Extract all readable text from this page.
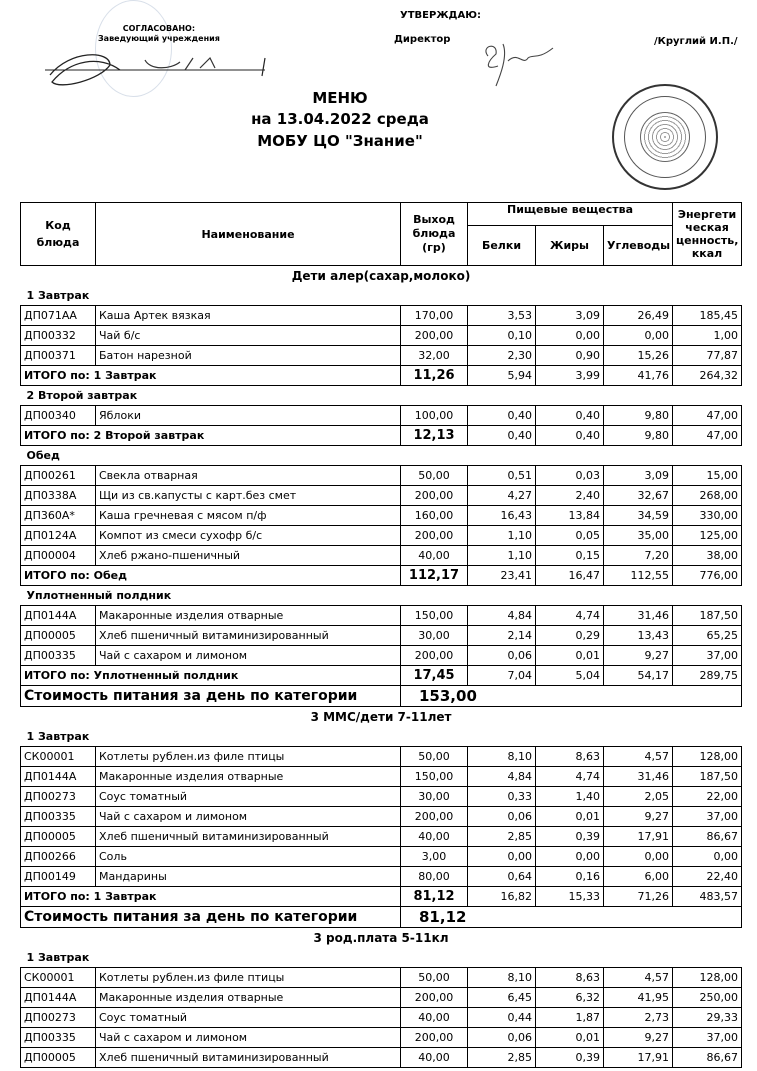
СОГЛАСОВАНО:
Заведующий учреждения
УТВЕРЖДАЮ:
Директор	/Круглий И.П./
МЕНЮ
на 13.04.2022 среда
МОБУ ЦО "Знание"
Код блюда	Наименование	Выход блюда (гр)	Пищевые вещества			Энергети ческая ценность, ккал
			Белки	Жиры	Углеводы	
Дети алер(сахар,молоко)						
1 Завтрак						
ДП071АА	Каша Артек вязкая	170,00	3,53	3,09	26,49	185,45
ДП00332	Чай б/с	200,00	0,10	0,00	0,00	1,00
ДП00371	Батон нарезной	32,00	2,30	0,90	15,26	77,87
ИТОГО по: 1 Завтрак		11,26	5,94	3,99	41,76	264,32
2 Второй завтрак						
ДП00340	Яблоки	100,00	0,40	0,40	9,80	47,00
ИТОГО по: 2 Второй завтрак		12,13	0,40	0,40	9,80	47,00
Обед						
ДП00261	Свекла отварная	50,00	0,51	0,03	3,09	15,00
ДП0338А	Щи из св.капусты с карт.без смет	200,00	4,27	2,40	32,67	268,00
ДП360А*	Каша гречневая с мясом п/ф	160,00	16,43	13,84	34,59	330,00
ДП0124А	Компот из смеси сухофр б/с	200,00	1,10	0,05	35,00	125,00
ДП00004	Хлеб ржано-пшеничный	40,00	1,10	0,15	7,20	38,00
ИТОГО по: Обед		112,17	23,41	16,47	112,55	776,00
Уплотненный полдник						
ДП0144А	Макаронные изделия отварные	150,00	4,84	4,74	31,46	187,50
ДП00005	Хлеб пшеничный витаминизированный	30,00	2,14	0,29	13,43	65,25
ДП00335	Чай с сахаром и лимоном	200,00	0,06	0,01	9,27	37,00
ИТОГО по: Уплотненный полдник		17,45	7,04	5,04	54,17	289,75
Стоимость питания за день по категории		153,00				
3 ММС/дети 7-11лет						
1 Завтрак						
СК00001	Котлеты рублен.из филе птицы	50,00	8,10	8,63	4,57	128,00
ДП0144А	Макаронные изделия отварные	150,00	4,84	4,74	31,46	187,50
ДП00273	Соус томатный	30,00	0,33	1,40	2,05	22,00
ДП00335	Чай с сахаром и лимоном	200,00	0,06	0,01	9,27	37,00
ДП00005	Хлеб пшеничный витаминизированный	40,00	2,85	0,39	17,91	86,67
ДП00266	Соль	3,00	0,00	0,00	0,00	0,00
ДП00149	Мандарины	80,00	0,64	0,16	6,00	22,40
ИТОГО по: 1 Завтрак		81,12	16,82	15,33	71,26	483,57
Стоимость питания за день по категории		81,12				
3 род.плата 5-11кл						
1 Завтрак						
СК00001	Котлеты рублен.из филе птицы	50,00	8,10	8,63	4,57	128,00
ДП0144А	Макаронные изделия отварные	200,00	6,45	6,32	41,95	250,00
ДП00273	Соус томатный	40,00	0,44	1,87	2,73	29,33
ДП00335	Чай с сахаром и лимоном	200,00	0,06	0,01	9,27	37,00
ДП00005	Хлеб пшеничный витаминизированный	40,00	2,85	0,39	17,91	86,67
